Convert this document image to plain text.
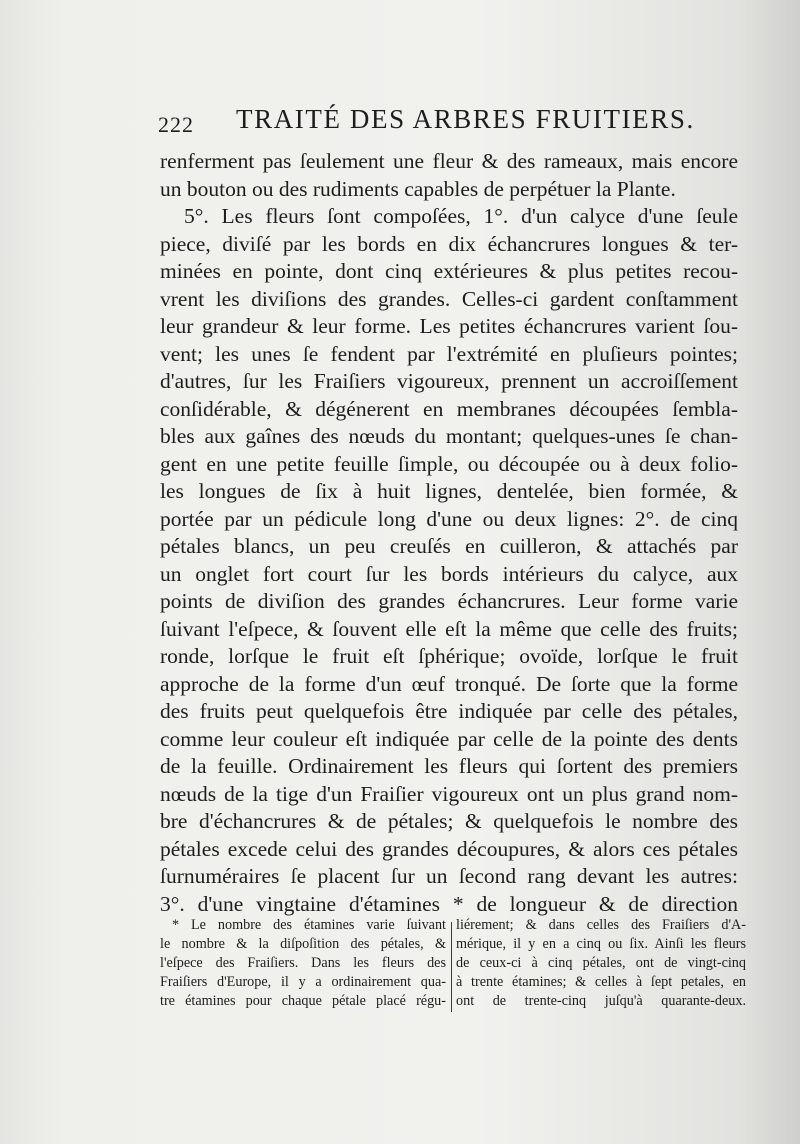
222 TRAITÉ DES ARBRES FRUITIERS.
renferment pas ſeulement une fleur & des rameaux, mais encore
un bouton ou des rudiments capables de perpétuer la Plante.
5°. Les fleurs ſont compoſées, 1°. d'un calyce d'une ſeule
piece, diviſé par les bords en dix échancrures longues & ter-
minées en pointe, dont cinq extérieures & plus petites recou-
vrent les diviſions des grandes. Celles-ci gardent conſtamment
leur grandeur & leur forme. Les petites échancrures varient ſou-
vent; les unes ſe fendent par l'extrémité en pluſieurs pointes;
d'autres, ſur les Fraiſiers vigoureux, prennent un accroiſſement
conſidérable, & dégénerent en membranes découpées ſembla-
bles aux gaînes des nœuds du montant; quelques-unes ſe chan-
gent en une petite feuille ſimple, ou découpée ou à deux folio-
les longues de ſix à huit lignes, dentelée, bien formée, &
portée par un pédicule long d'une ou deux lignes: 2°. de cinq
pétales blancs, un peu creuſés en cuilleron, & attachés par
un onglet fort court ſur les bords intérieurs du calyce, aux
points de diviſion des grandes échancrures. Leur forme varie
ſuivant l'eſpece, & ſouvent elle eſt la même que celle des fruits;
ronde, lorſque le fruit eſt ſphérique; ovoïde, lorſque le fruit
approche de la forme d'un œuf tronqué. De ſorte que la forme
des fruits peut quelquefois être indiquée par celle des pétales,
comme leur couleur eſt indiquée par celle de la pointe des dents
de la feuille. Ordinairement les fleurs qui ſortent des premiers
nœuds de la tige d'un Fraiſier vigoureux ont un plus grand nom-
bre d'échancrures & de pétales; & quelquefois le nombre des
pétales excede celui des grandes découpures, & alors ces pétales
ſurnuméraires ſe placent ſur un ſecond rang devant les autres:
3°. d'une vingtaine d'étamines * de longueur & de direction
* Le nombre des étamines varie ſuivant
le nombre & la diſpoſition des pétales, &
l'eſpece des Fraiſiers. Dans les fleurs des
Fraiſiers d'Europe, il y a ordinairement qua-
tre étamines pour chaque pétale placé régu-
liérement; & dans celles des Fraiſiers d'A-
mérique, il y en a cinq ou ſix. Ainſi les fleurs
de ceux-ci à cinq pétales, ont de vingt-cinq
à trente étamines; & celles à ſept petales, en
ont de trente-cinq juſqu'à quarante-deux.
